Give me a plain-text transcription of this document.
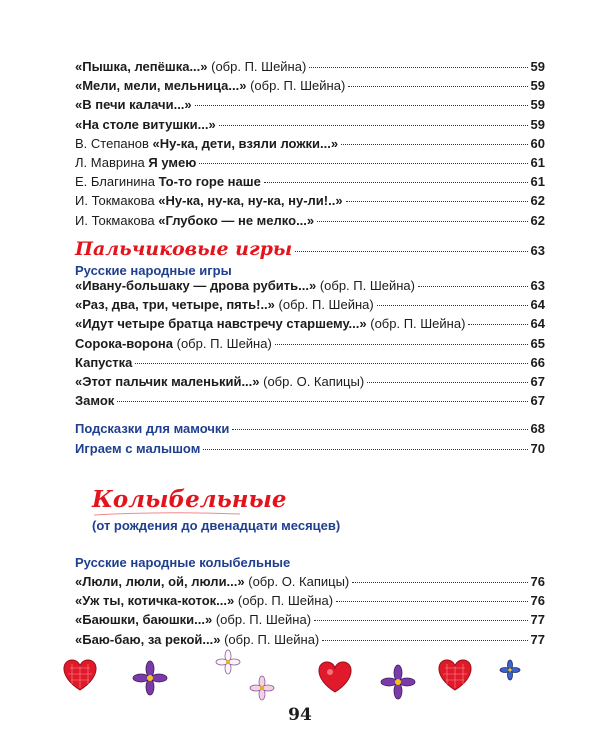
«Пышка, лепёшка...» (обр. П. Шейна)	59
«Мели, мели, мельница...» (обр. П. Шейна)	59
«В печи калачи...»	59
«На столе витушки...»	59
В. Степанов «Ну-ка, дети, взяли ложки...»	60
Л. Маврина Я умею	61
Е. Благинина То-то горе наше	61
И. Токмакова «Ну-ка, ну-ка, ну-ка, ну-ли!..»	62
И. Токмакова «Глубоко — не мелко...»	62
Пальчиковые игры	63
Русские народные игры
«Ивану-большаку — дрова рубить...» (обр. П. Шейна)	63
«Раз, два, три, четыре, пять!..» (обр. П. Шейна)	64
«Идут четыре братца навстречу старшему...» (обр. П. Шейна)	64
Сорока-ворона (обр. П. Шейна)	65
Капустка	66
«Этот пальчик маленький...» (обр. О. Капицы)	67
Замок	67
Подсказки для мамочки	68
Играем с малышом	70
Колыбельные
(от рождения до двенадцати месяцев)
Русские народные колыбельные
«Люли, люли, ой, люли...» (обр. О. Капицы)	76
«Уж ты, котичка-коток...» (обр. П. Шейна)	76
«Баюшки, баюшки...» (обр. П. Шейна)	77
«Баю-баю, за рекой...» (обр. П. Шейна)	77
94
